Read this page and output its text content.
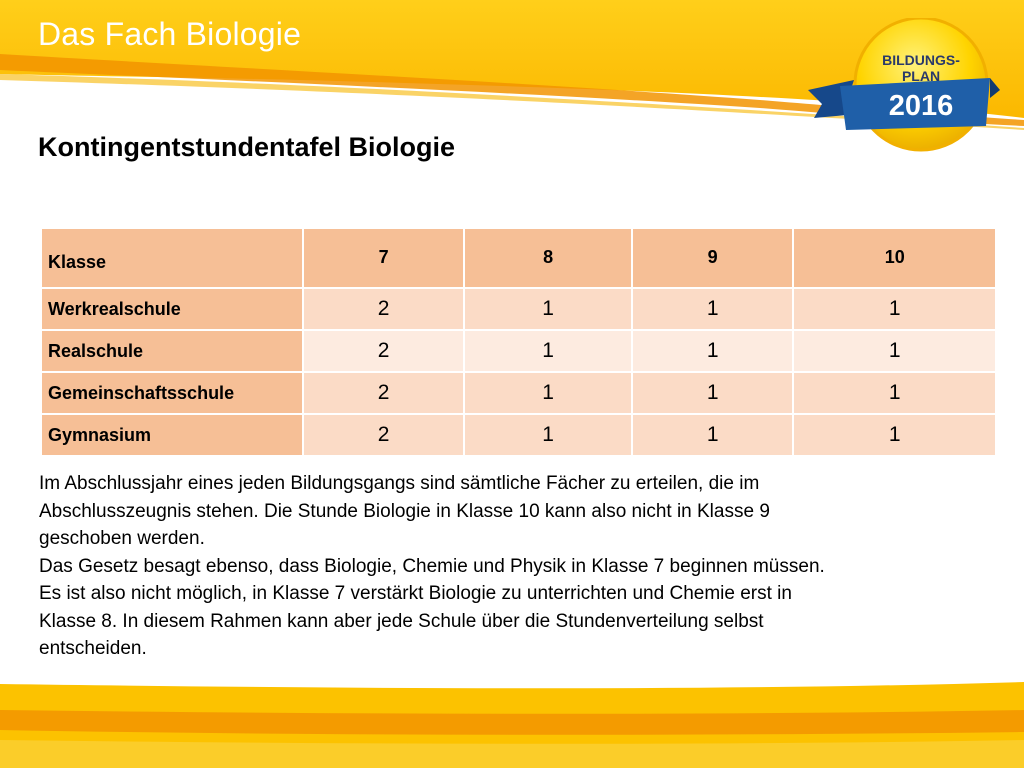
Das Fach Biologie
BILDUNGS-
PLAN
2016
Kontingentstundentafel Biologie
Klasse	7	8	9	10
Werkrealschule	2	1	1	1
Realschule	2	1	1	1
Gemeinschaftsschule	2	1	1	1
Gymnasium	2	1	1	1

Im Abschlussjahr eines jeden Bildungsgangs sind sämtliche Fächer zu erteilen, die im

Abschlusszeugnis stehen. Die Stunde Biologie in Klasse 10 kann also nicht in Klasse 9

geschoben werden.

Das Gesetz besagt ebenso, dass Biologie, Chemie und Physik in Klasse 7 beginnen müssen.

Es ist also nicht möglich, in Klasse 7 verstärkt Biologie zu unterrichten und Chemie erst in

Klasse 8. In diesem Rahmen kann aber jede Schule über die Stundenverteilung selbst

entscheiden.
